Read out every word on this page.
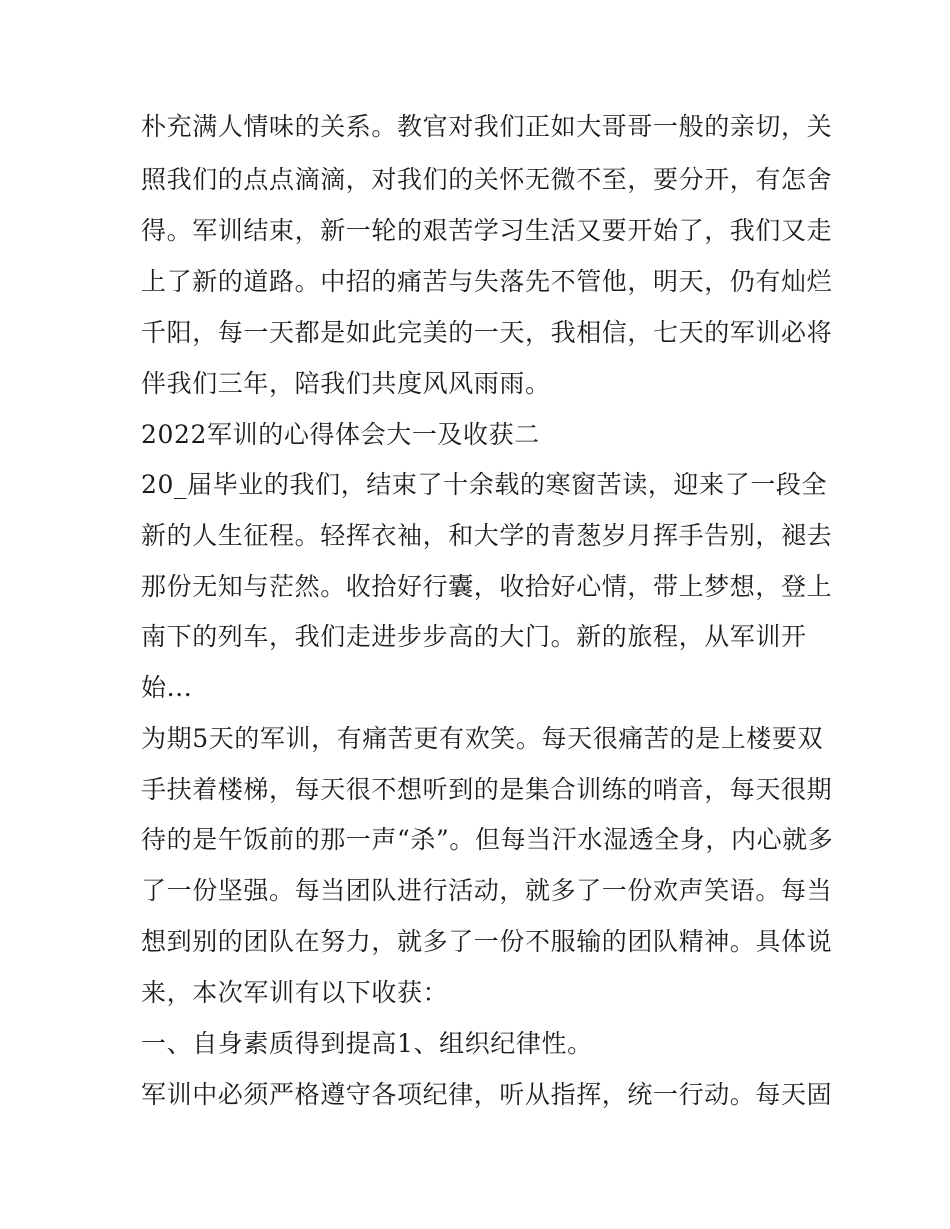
朴充满人情味的关系。教官对我们正如大哥哥一般的亲切，关
照我们的点点滴滴，对我们的关怀无微不至，要分开，有怎舍
得。军训结束，新一轮的艰苦学习生活又要开始了，我们又走
上了新的道路。中招的痛苦与失落先不管他，明天，仍有灿烂
千阳，每一天都是如此完美的一天，我相信，七天的军训必将
伴我们三年，陪我们共度风风雨雨。
2022军训的心得体会大一及收获二
20_届毕业的我们，结束了十余载的寒窗苦读，迎来了一段全
新的人生征程。轻挥衣袖，和大学的青葱岁月挥手告别，褪去
那份无知与茫然。收拾好行囊，收拾好心情，带上梦想，登上
南下的列车，我们走进步步高的大门。新的旅程，从军训开
始...
为期5天的军训，有痛苦更有欢笑。每天很痛苦的是上楼要双
手扶着楼梯，每天很不想听到的是集合训练的哨音，每天很期
待的是午饭前的那一声“杀”。但每当汗水湿透全身，内心就多
了一份坚强。每当团队进行活动，就多了一份欢声笑语。每当
想到别的团队在努力，就多了一份不服输的团队精神。具体说
来，本次军训有以下收获：
一、自身素质得到提高1、组织纪律性。
军训中必须严格遵守各项纪律，听从指挥，统一行动。每天固
